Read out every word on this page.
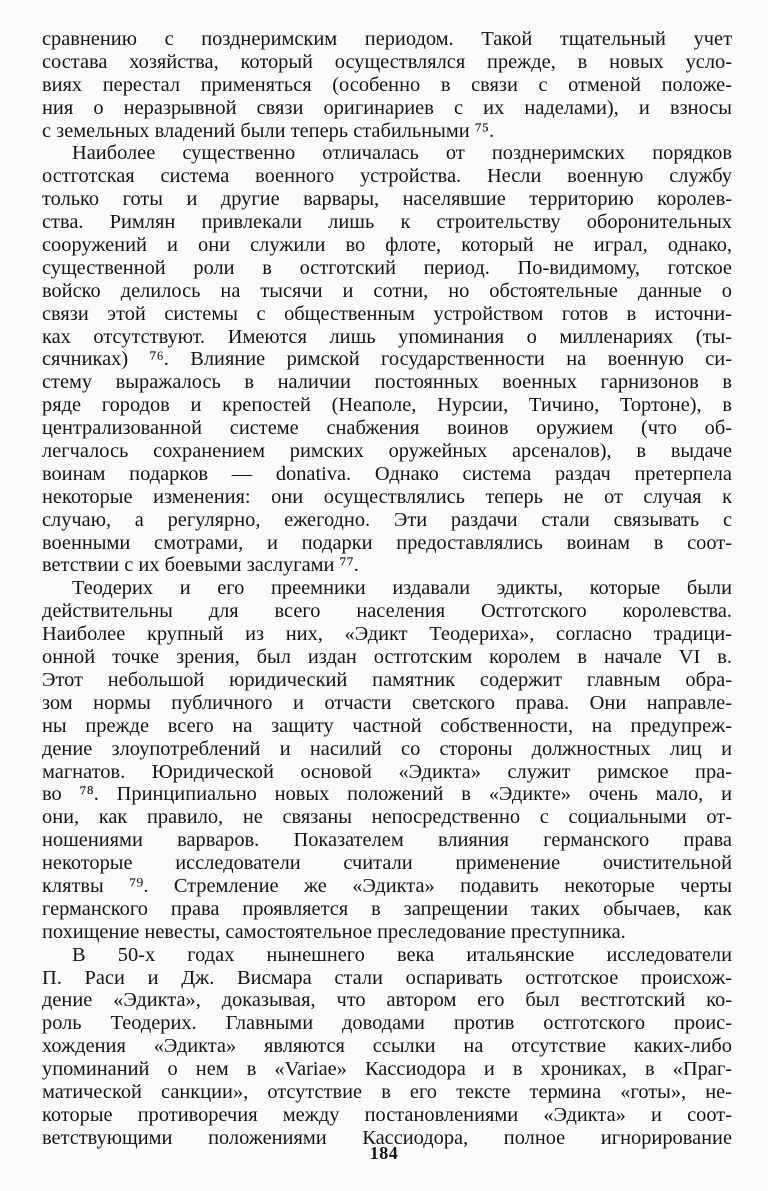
сравнению с позднеримским периодом. Такой тщательный учет
состава хозяйства, который осуществлялся прежде, в новых усло-
виях перестал применяться (особенно в связи с отменой положе-
ния о неразрывной связи оригинариев с их наделами), и взносы
с земельных владений были теперь стабильными ⁷⁵.
Наиболее существенно отличалась от позднеримских порядков
остготская система военного устройства. Несли военную службу
только готы и другие варвары, населявшие территорию королев-
ства. Римлян привлекали лишь к строительству оборонительных
сооружений и они служили во флоте, который не играл, однако,
существенной роли в остготский период. По-видимому, готское
войско делилось на тысячи и сотни, но обстоятельные данные о
связи этой системы с общественным устройством готов в источни-
ках отсутствуют. Имеются лишь упоминания о милленариях (ты-
сячниках) ⁷⁶. Влияние римской государственности на военную си-
стему выражалось в наличии постоянных военных гарнизонов в
ряде городов и крепостей (Неаполе, Нурсии, Тичино, Тортоне), в
централизованной системе снабжения воинов оружием (что об-
легчалось сохранением римских оружейных арсеналов), в выдаче
воинам подарков — donativa. Однако система раздач претерпела
некоторые изменения: они осуществлялись теперь не от случая к
случаю, а регулярно, ежегодно. Эти раздачи стали связывать с
военными смотрами, и подарки предоставлялись воинам в соот-
ветствии с их боевыми заслугами ⁷⁷.
Теодерих и его преемники издавали эдикты, которые были
действительны для всего населения Остготского королевства.
Наиболее крупный из них, «Эдикт Теодериха», согласно традици-
онной точке зрения, был издан остготским королем в начале VI в.
Этот небольшой юридический памятник содержит главным обра-
зом нормы публичного и отчасти светского права. Они направле-
ны прежде всего на защиту частной собственности, на предупреж-
дение злоупотреблений и насилий со стороны должностных лиц и
магнатов. Юридической основой «Эдикта» служит римское пра-
во ⁷⁸. Принципиально новых положений в «Эдикте» очень мало, и
они, как правило, не связаны непосредственно с социальными от-
ношениями варваров. Показателем влияния германского права
некоторые исследователи считали применение очистительной
клятвы ⁷⁹. Стремление же «Эдикта» подавить некоторые черты
германского права проявляется в запрещении таких обычаев, как
похищение невесты, самостоятельное преследование преступника.
В 50-х годах нынешнего века итальянские исследователи
П. Раси и Дж. Висмара стали оспаривать остготское происхож-
дение «Эдикта», доказывая, что автором его был вестготский ко-
роль Теодерих. Главными доводами против остготского проис-
хождения «Эдикта» являются ссылки на отсутствие каких-либо
упоминаний о нем в «Variae» Кассиодора и в хрониках, в «Праг-
матической санкции», отсутствие в его тексте термина «готы», не-
которые противоречия между постановлениями «Эдикта» и соот-
ветствующими положениями Кассиодора, полное игнорирование
184
